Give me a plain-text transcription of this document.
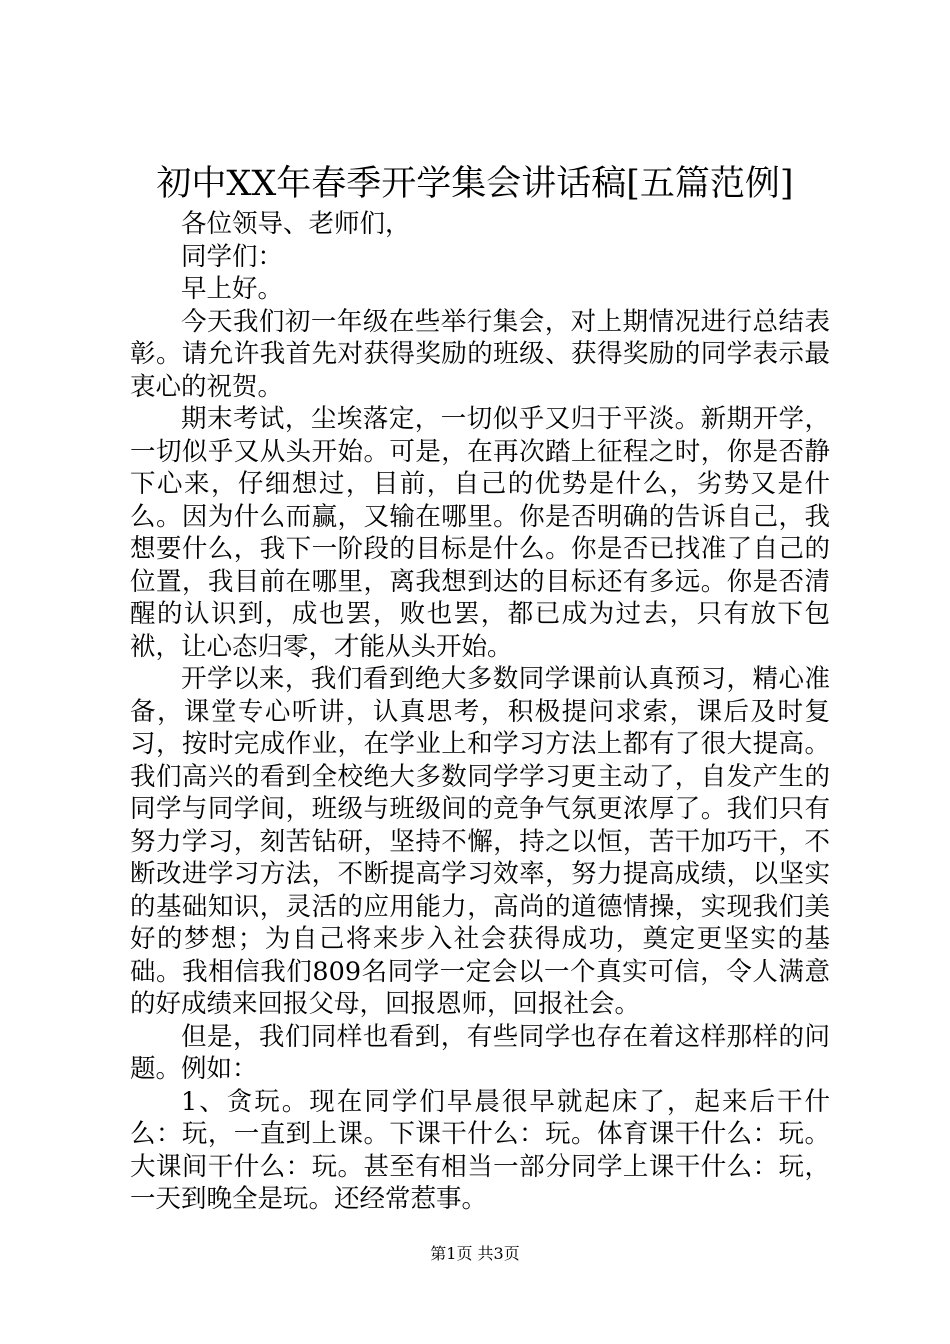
初中XX年春季开学集会讲话稿[五篇范例]

各位领导、老师们，

同学们：

早上好。

今天我们初一年级在些举行集会，对上期情况进行总结表彰。请允许我首先对获得奖励的班级、获得奖励的同学表示最衷心的祝贺。

期末考试，尘埃落定，一切似乎又归于平淡。新期开学，一切似乎又从头开始。可是，在再次踏上征程之时，你是否静下心来，仔细想过，目前，自己的优势是什么，劣势又是什么。因为什么而赢，又输在哪里。你是否明确的告诉自己，我想要什么，我下一阶段的目标是什么。你是否已找准了自己的位置，我目前在哪里，离我想到达的目标还有多远。你是否清醒的认识到，成也罢，败也罢，都已成为过去，只有放下包袱，让心态归零，才能从头开始。

开学以来，我们看到绝大多数同学课前认真预习，精心准备，课堂专心听讲，认真思考，积极提问求索，课后及时复习，按时完成作业，在学业上和学习方法上都有了很大提高。我们高兴的看到全校绝大多数同学学习更主动了，自发产生的同学与同学间，班级与班级间的竞争气氛更浓厚了。我们只有努力学习，刻苦钻研，坚持不懈，持之以恒，苦干加巧干，不断改进学习方法，不断提高学习效率，努力提高成绩，以坚实的基础知识，灵活的应用能力，高尚的道德情操，实现我们美好的梦想；为自己将来步入社会获得成功，奠定更坚实的基础。我相信我们809名同学一定会以一个真实可信，令人满意的好成绩来回报父母，回报恩师，回报社会。

但是，我们同样也看到，有些同学也存在着这样那样的问题。例如：

1、贪玩。现在同学们早晨很早就起床了，起来后干什么：玩，一直到上课。下课干什么：玩。体育课干什么：玩。大课间干什么：玩。甚至有相当一部分同学上课干什么：玩，一天到晚全是玩。还经常惹事。

第1页 共3页
